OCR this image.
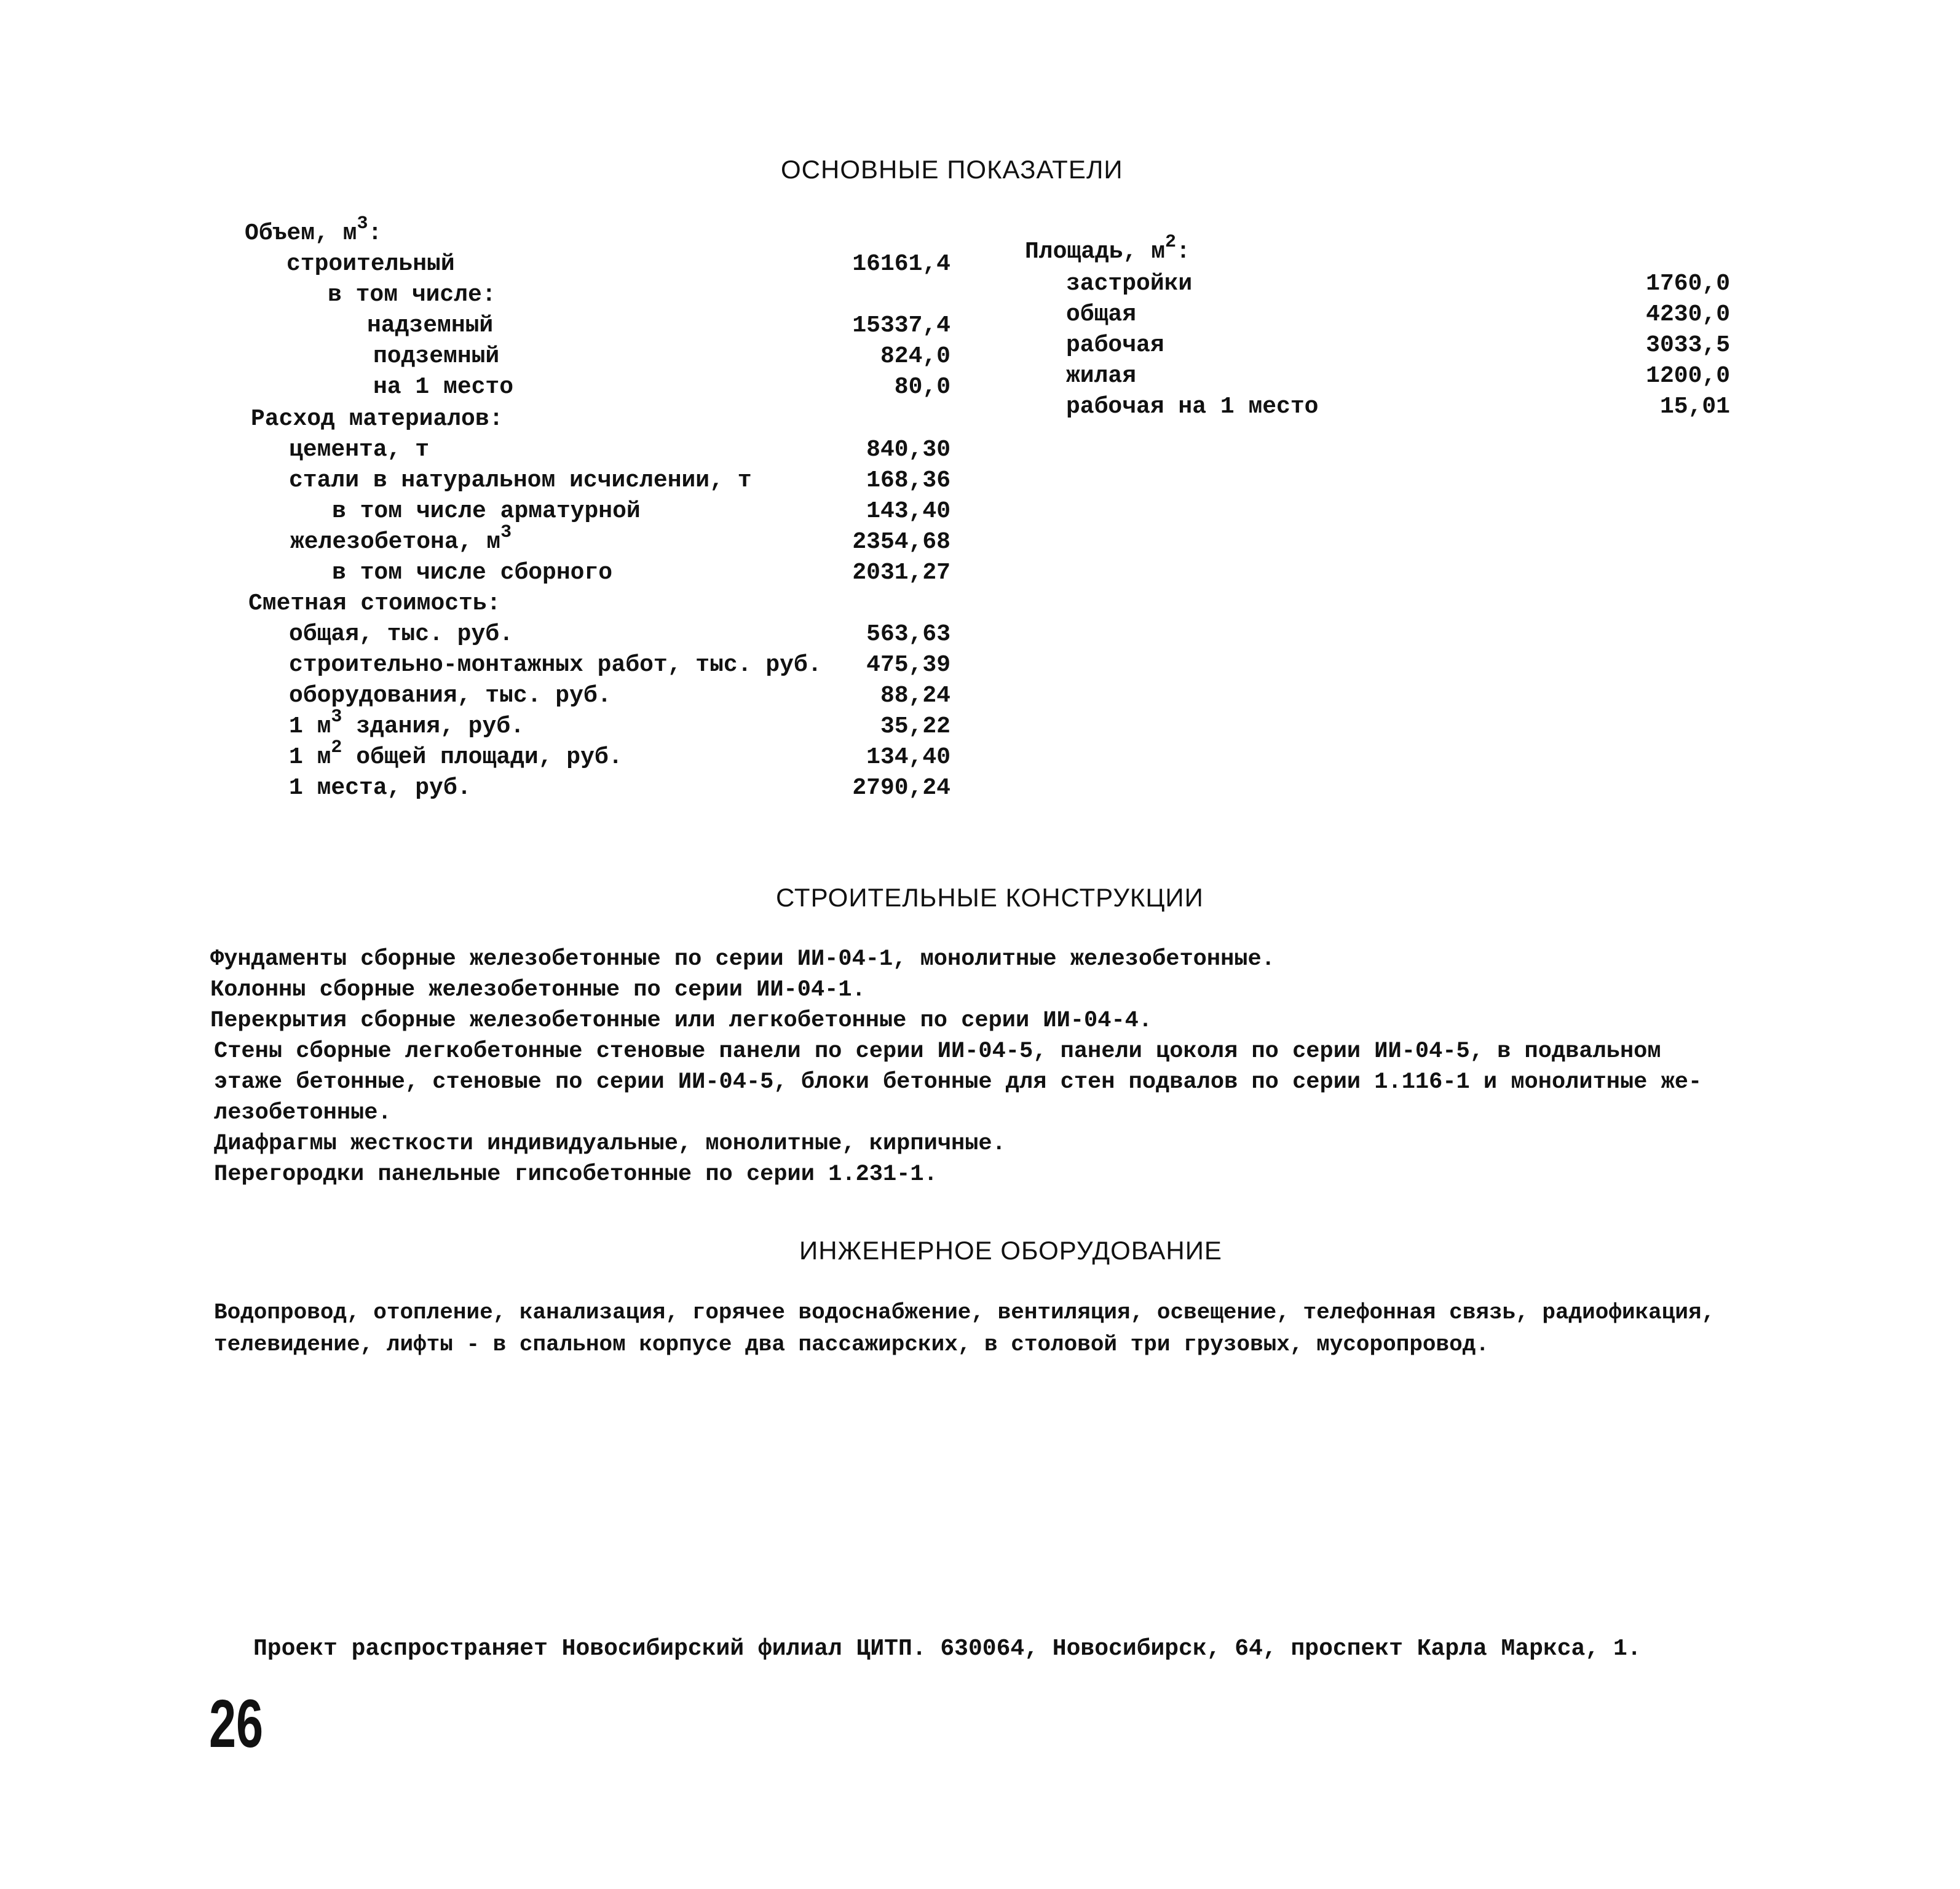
ОСНОВНЫЕ ПОКАЗАТЕЛИ
Объем, $м^3$:
строительный	16161,4
в том числе:
надземный	15337,4
подземный	824,0
на 1 место	80,0
Расход материалов:
цемента, т	840,30
стали в натуральном исчислении, т	168,36
в том числе арматурной	143,40
железобетона, $м^3$	2354,68
в том числе сборного	2031,27
Сметная стоимость:
общая, тыс. руб.	563,63
строительно-монтажных работ, тыс. руб. 475,39
оборудования, тыс. руб.	88,24
1 $м^3$ здания, руб.	35,22
1 $м^2$ общей площади, руб.	134,40
1 места, руб.	2790,24
Площадь, $м^2$:
застройки	1760,0
общая	4230,0
рабочая	3033,5
жилая	1200,0
рабочая на 1 место	15,01
СТРОИТЕЛЬНЫЕ КОНСТРУКЦИИ
Фундаменты сборные железобетонные по серии ИИ-04-1, монолитные железобетонные.
Колонны сборные железобетонные по серии ИИ-04-1.
Перекрытия сборные железобетонные или легкобетонные по серии ИИ-04-4.
Стены сборные легкобетонные стеновые панели по серии ИИ-04-5, панели цоколя по серии ИИ-04-5, в подвальном
этаже бетонные, стеновые по серии ИИ-04-5, блоки бетонные для стен подвалов по серии 1.116-1 и монолитные же-
лезобетонные.
Диафрагмы жесткости индивидуальные, монолитные, кирпичные.
Перегородки панельные гипсобетонные по серии 1.231-1.
ИНЖЕНЕРНОЕ ОБОРУДОВАНИЕ
Водопровод, отопление, канализация, горячее водоснабжение, вентиляция, освещение, телефонная связь, радиофикация,
телевидение, лифты - в спальном корпусе два пассажирских, в столовой три грузовых, мусоропровод.
Проект распространяет Новосибирский филиал ЦИТП. 630064, Новосибирск, 64, проспект Карла Маркса, 1.
26
